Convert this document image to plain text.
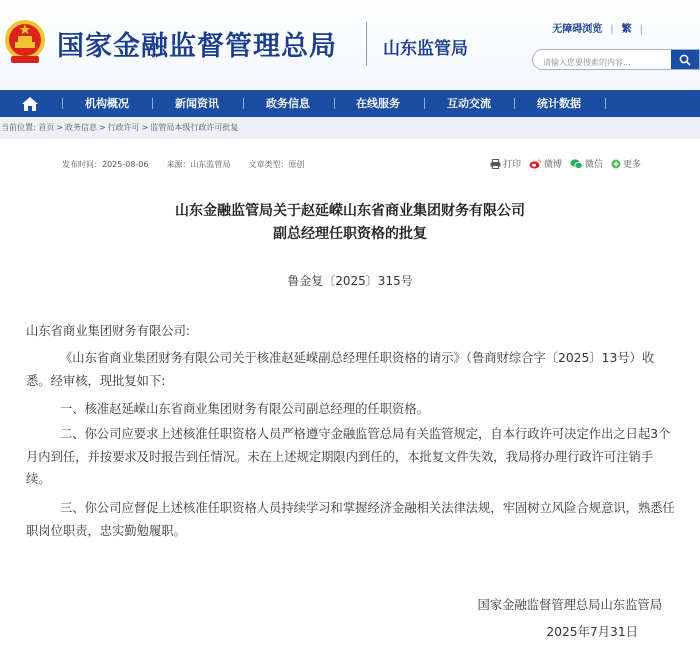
国家金融监督管理总局	山东监管局
无障碍浏览 | 繁 |
请输入您要搜索的内容...
机构概况	新闻资讯	政务信息	在线服务	互动交流	统计数据
当前位置: 首页 > 政务信息 > 行政许可 > 监管局本级行政许可批复
发布时间：2025-08-06 来源：山东监管局 文章类型：原创	打印	微博	微信 更多
山东金融监管局关于赵延嵘山东省商业集团财务有限公司
副总经理任职资格的批复
鲁金复〔2025〕315号
山东省商业集团财务有限公司:
《山东省商业集团财务有限公司关于核准赵延嵘副总经理任职资格的请示》（鲁商财综合字〔2025〕13号）收悉。经审核，现批复如下:
一、核准赵延嵘山东省商业集团财务有限公司副总经理的任职资格。
二、你公司应要求上述核准任职资格人员严格遵守金融监管总局有关监管规定，自本行政许可决定作出之日起3个月内到任，并按要求及时报告到任情况。未在上述规定期限内到任的，本批复文件失效，我局将办理行政许可注销手续。
三、你公司应督促上述核准任职资格人员持续学习和掌握经济金融相关法律法规，牢固树立风险合规意识，熟悉任职岗位职责，忠实勤勉履职。
国家金融监督管理总局山东监管局
2025年7月31日
